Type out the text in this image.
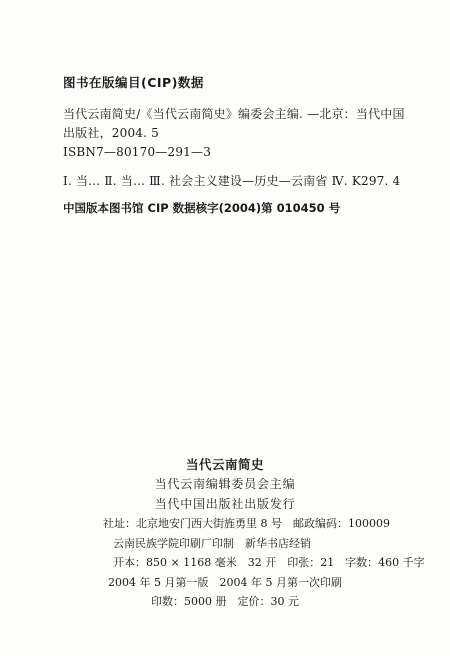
图书在版编目(CIP)数据
当代云南简史/《当代云南简史》编委会主编. —北京：当代中国
出版社，2004. 5
ISBN7—80170—291—3
Ⅰ. 当… Ⅱ. 当… Ⅲ. 社会主义建设—历史—云南省 Ⅳ. K297. 4
中国版本图书馆 CIP 数据核字(2004)第 010450 号
当代云南简史
当代云南编辑委员会主编
当代中国出版社出版发行
社址：北京地安门西大街旌勇里 8 号　邮政编码：100009
云南民族学院印刷厂印制　新华书店经销
开本：850 × 1168 毫米　32 开　印张：21　字数：460 千字
2004 年 5 月第一版　2004 年 5 月第一次印刷
印数：5000 册　定价：30 元
